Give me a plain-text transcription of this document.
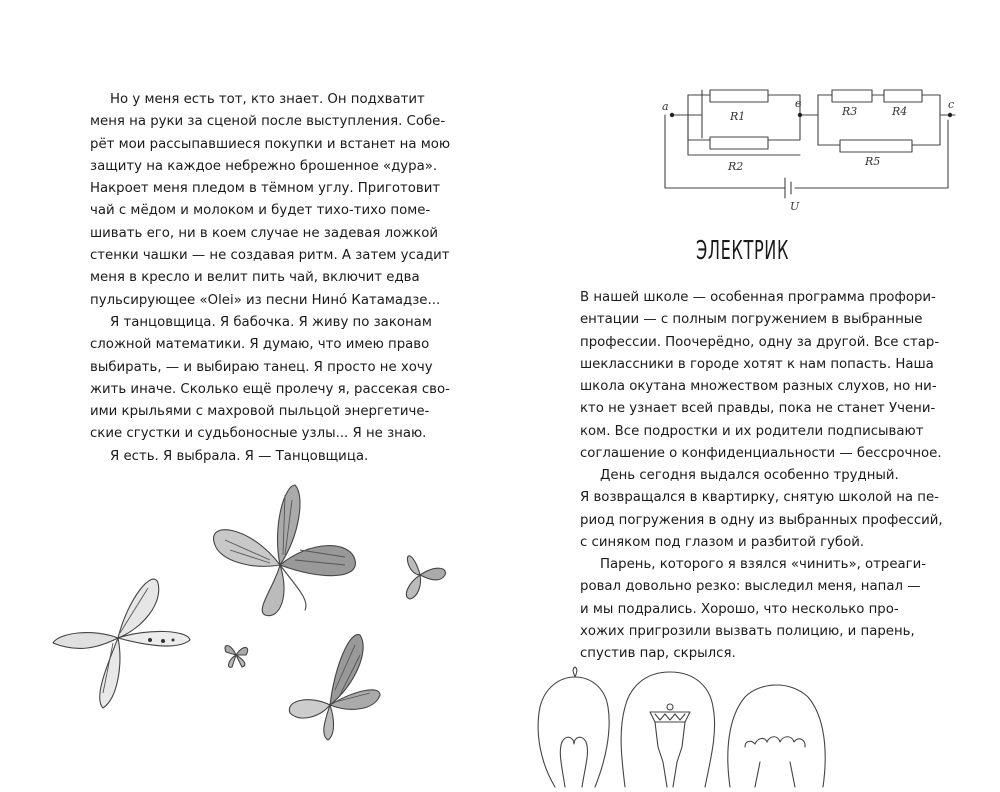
Но у меня есть тот, кто знает. Он подхватит
меня на руки за сценой после выступления. Собе-
рёт мои рассыпавшиеся покупки и встанет на мою
защиту на каждое небрежно брошенное «дура».
Накроет меня пледом в тёмном углу. Приготовит
чай с мёдом и молоком и будет тихо-тихо поме-
шивать его, ни в коем случае не задевая ложкой
стенки чашки — не создавая ритм. А затем усадит
меня в кресло и велит пить чай, включит едва
пульсирующее «Olei» из песни Нино́ Катамадзе...
Я танцовщица. Я бабочка. Я живу по законам
сложной математики. Я думаю, что имею право
выбирать, — и выбираю танец. Я просто не хочу
жить иначе. Сколько ещё пролечу я, рассекая сво-
ими крыльями с махровой пыльцой энергетиче-
ские сгустки и судьбоносные узлы... Я не знаю.
Я есть. Я выбрала. Я — Танцовщица.
a	в	c
R1
R2
R3	R4
R5
U
ЭЛЕКТРИК
В нашей школе — особенная программа профори-
ентации — с полным погружением в выбранные
профессии. Поочерёдно, одну за другой. Все стар-
шеклассники в городе хотят к нам попасть. Наша
школа окутана множеством разных слухов, но ни-
кто не узнает всей правды, пока не станет Учени-
ком. Все подростки и их родители подписывают
соглашение о конфиденциальности — бессрочное.
День сегодня выдался особенно трудный.
Я возвращался в квартирку, снятую школой на пе-
риод погружения в одну из выбранных профессий,
с синяком под глазом и разбитой губой.
Парень, которого я взялся «чинить», отреаги-
ровал довольно резко: выследил меня, напал —
и мы подрались. Хорошо, что несколько про-
хожих пригрозили вызвать полицию, и парень,
спустив пар, скрылся.
